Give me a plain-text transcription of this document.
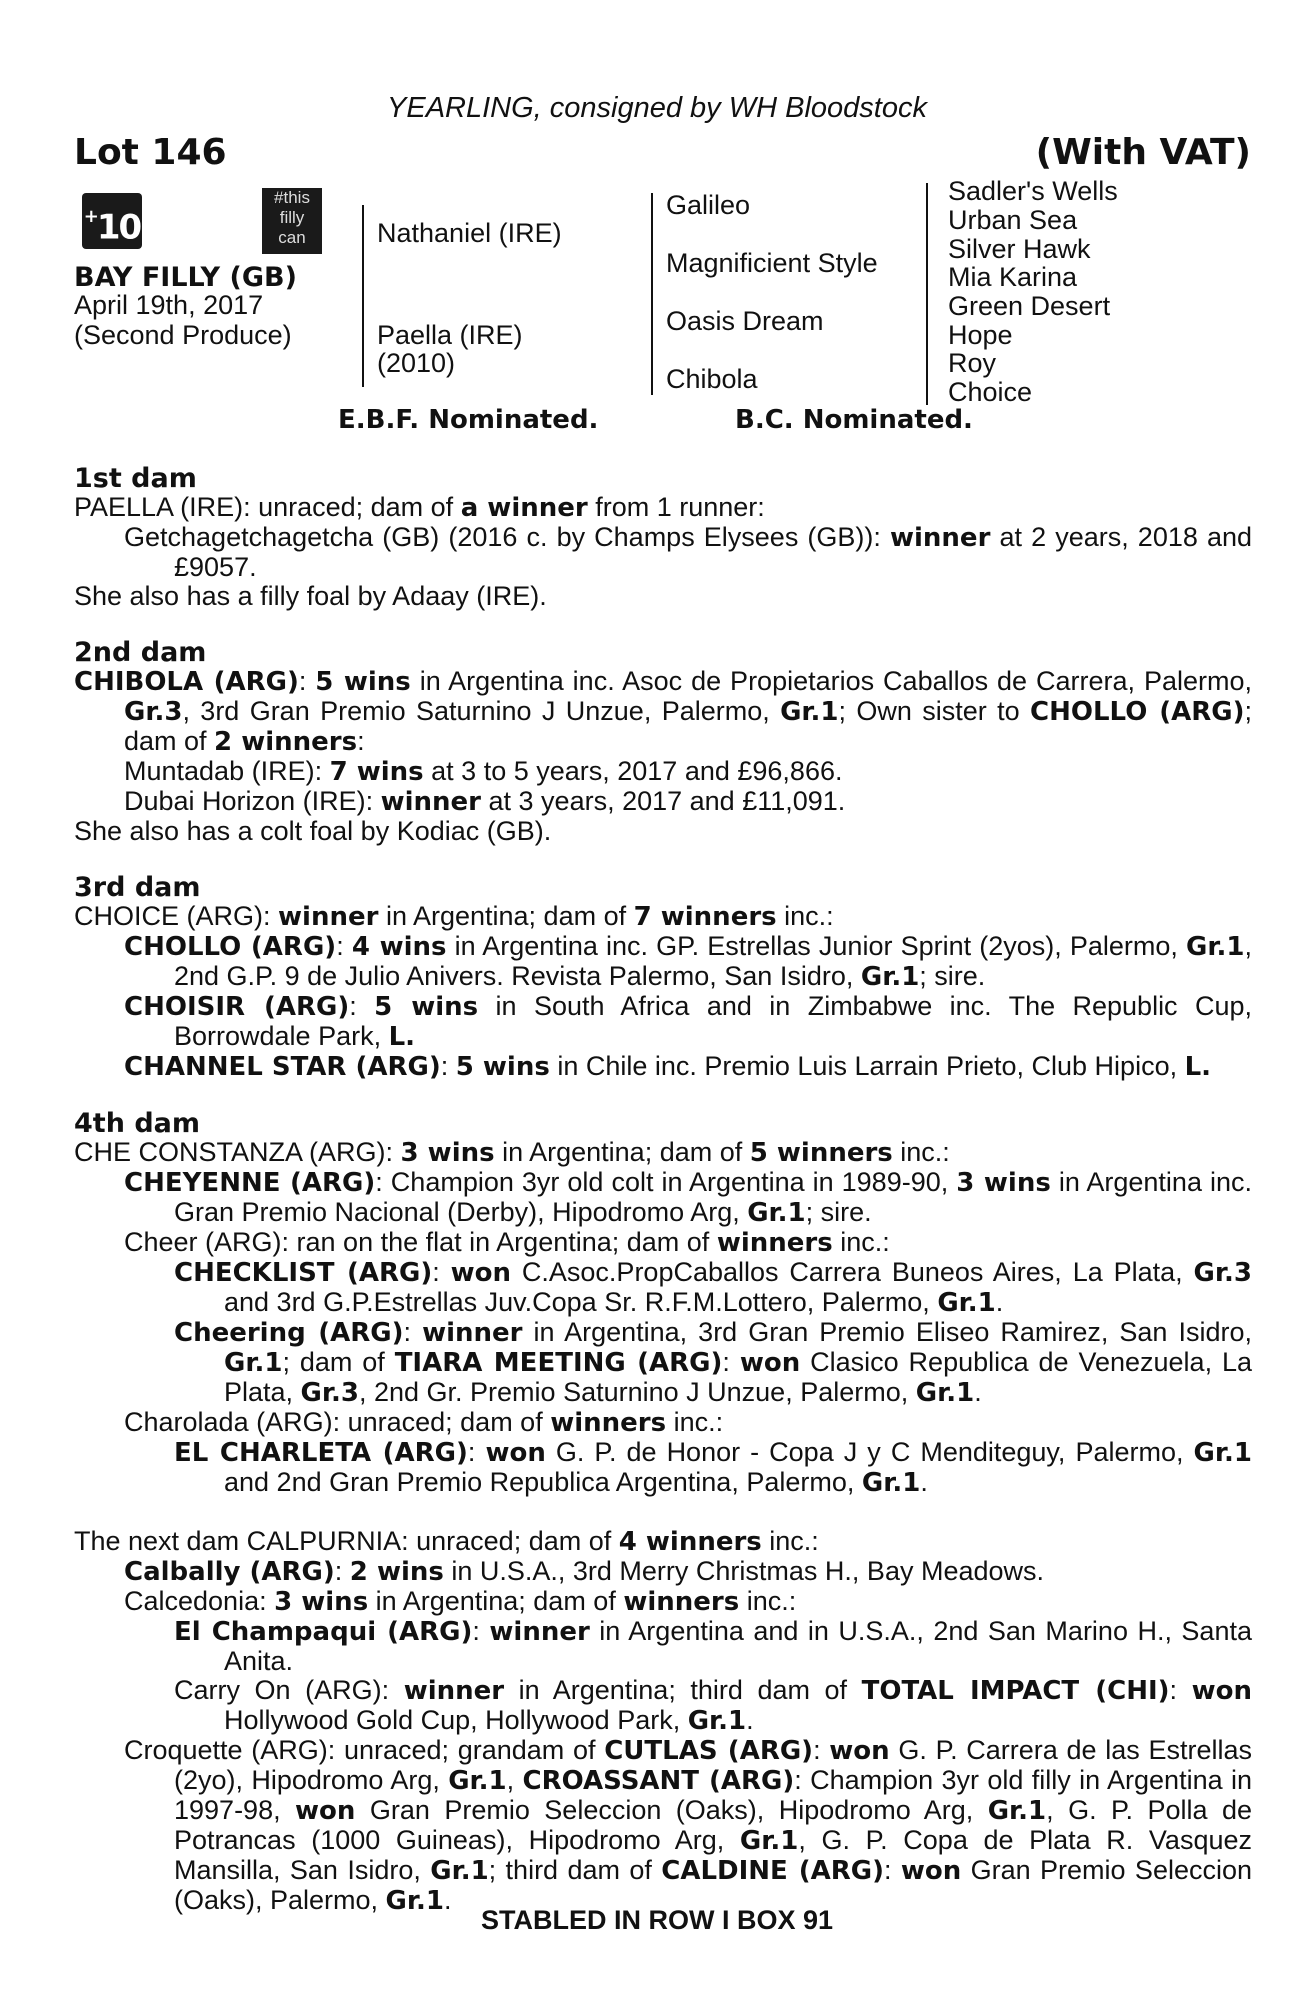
YEARLING, consigned by WH Bloodstock
Lot 146	(With VAT)
+10
#this
filly
can
BAY FILLY (GB)
April 19th, 2017
(Second Produce)
Nathaniel (IRE)
Paella (IRE)
(2010)
Galileo
Magnificient Style
Oasis Dream
Chibola
Sadler's Wells
Urban Sea
Silver Hawk
Mia Karina
Green Desert
Hope
Roy
Choice
E.B.F. Nominated.	B.C. Nominated.
1st dam
PAELLA (IRE): unraced; dam of a winner from 1 runner:
Getchagetchagetcha (GB) (2016 c. by Champs Elysees (GB)): winner at 2 years, 2018 and £9057.
She also has a filly foal by Adaay (IRE).
2nd dam
CHIBOLA (ARG): 5 wins in Argentina inc. Asoc de Propietarios Caballos de Carrera, Palermo, Gr.3, 3rd Gran Premio Saturnino J Unzue, Palermo, Gr.1; Own sister to CHOLLO (ARG); dam of 2 winners:
Muntadab (IRE): 7 wins at 3 to 5 years, 2017 and £96,866.
Dubai Horizon (IRE): winner at 3 years, 2017 and £11,091.
She also has a colt foal by Kodiac (GB).
3rd dam
CHOICE (ARG): winner in Argentina; dam of 7 winners inc.:
CHOLLO (ARG): 4 wins in Argentina inc. GP. Estrellas Junior Sprint (2yos), Palermo, Gr.1, 2nd G.P. 9 de Julio Anivers. Revista Palermo, San Isidro, Gr.1; sire.
CHOISIR (ARG): 5 wins in South Africa and in Zimbabwe inc. The Republic Cup, Borrowdale Park, L.
CHANNEL STAR (ARG): 5 wins in Chile inc. Premio Luis Larrain Prieto, Club Hipico, L.
4th dam
CHE CONSTANZA (ARG): 3 wins in Argentina; dam of 5 winners inc.:
CHEYENNE (ARG): Champion 3yr old colt in Argentina in 1989-90, 3 wins in Argentina inc. Gran Premio Nacional (Derby), Hipodromo Arg, Gr.1; sire.
Cheer (ARG): ran on the flat in Argentina; dam of winners inc.:
CHECKLIST (ARG): won C.Asoc.PropCaballos Carrera Buneos Aires, La Plata, Gr.3 and 3rd G.P.Estrellas Juv.Copa Sr. R.F.M.Lottero, Palermo, Gr.1.
Cheering (ARG): winner in Argentina, 3rd Gran Premio Eliseo Ramirez, San Isidro, Gr.1; dam of TIARA MEETING (ARG): won Clasico Republica de Venezuela, La Plata, Gr.3, 2nd Gr. Premio Saturnino J Unzue, Palermo, Gr.1.
Charolada (ARG): unraced; dam of winners inc.:
EL CHARLETA (ARG): won G. P. de Honor - Copa J y C Menditeguy, Palermo, Gr.1 and 2nd Gran Premio Republica Argentina, Palermo, Gr.1.
The next dam CALPURNIA: unraced; dam of 4 winners inc.:
Calbally (ARG): 2 wins in U.S.A., 3rd Merry Christmas H., Bay Meadows.
Calcedonia: 3 wins in Argentina; dam of winners inc.:
El Champaqui (ARG): winner in Argentina and in U.S.A., 2nd San Marino H., Santa Anita.
Carry On (ARG): winner in Argentina; third dam of TOTAL IMPACT (CHI): won Hollywood Gold Cup, Hollywood Park, Gr.1.
Croquette (ARG): unraced; grandam of CUTLAS (ARG): won G. P. Carrera de las Estrellas (2yo), Hipodromo Arg, Gr.1, CROASSANT (ARG): Champion 3yr old filly in Argentina in 1997-98, won Gran Premio Seleccion (Oaks), Hipodromo Arg, Gr.1, G. P. Polla de Potrancas (1000 Guineas), Hipodromo Arg, Gr.1, G. P. Copa de Plata R. Vasquez Mansilla, San Isidro, Gr.1; third dam of CALDINE (ARG): won Gran Premio Seleccion (Oaks), Palermo, Gr.1.
STABLED IN ROW I BOX 91
